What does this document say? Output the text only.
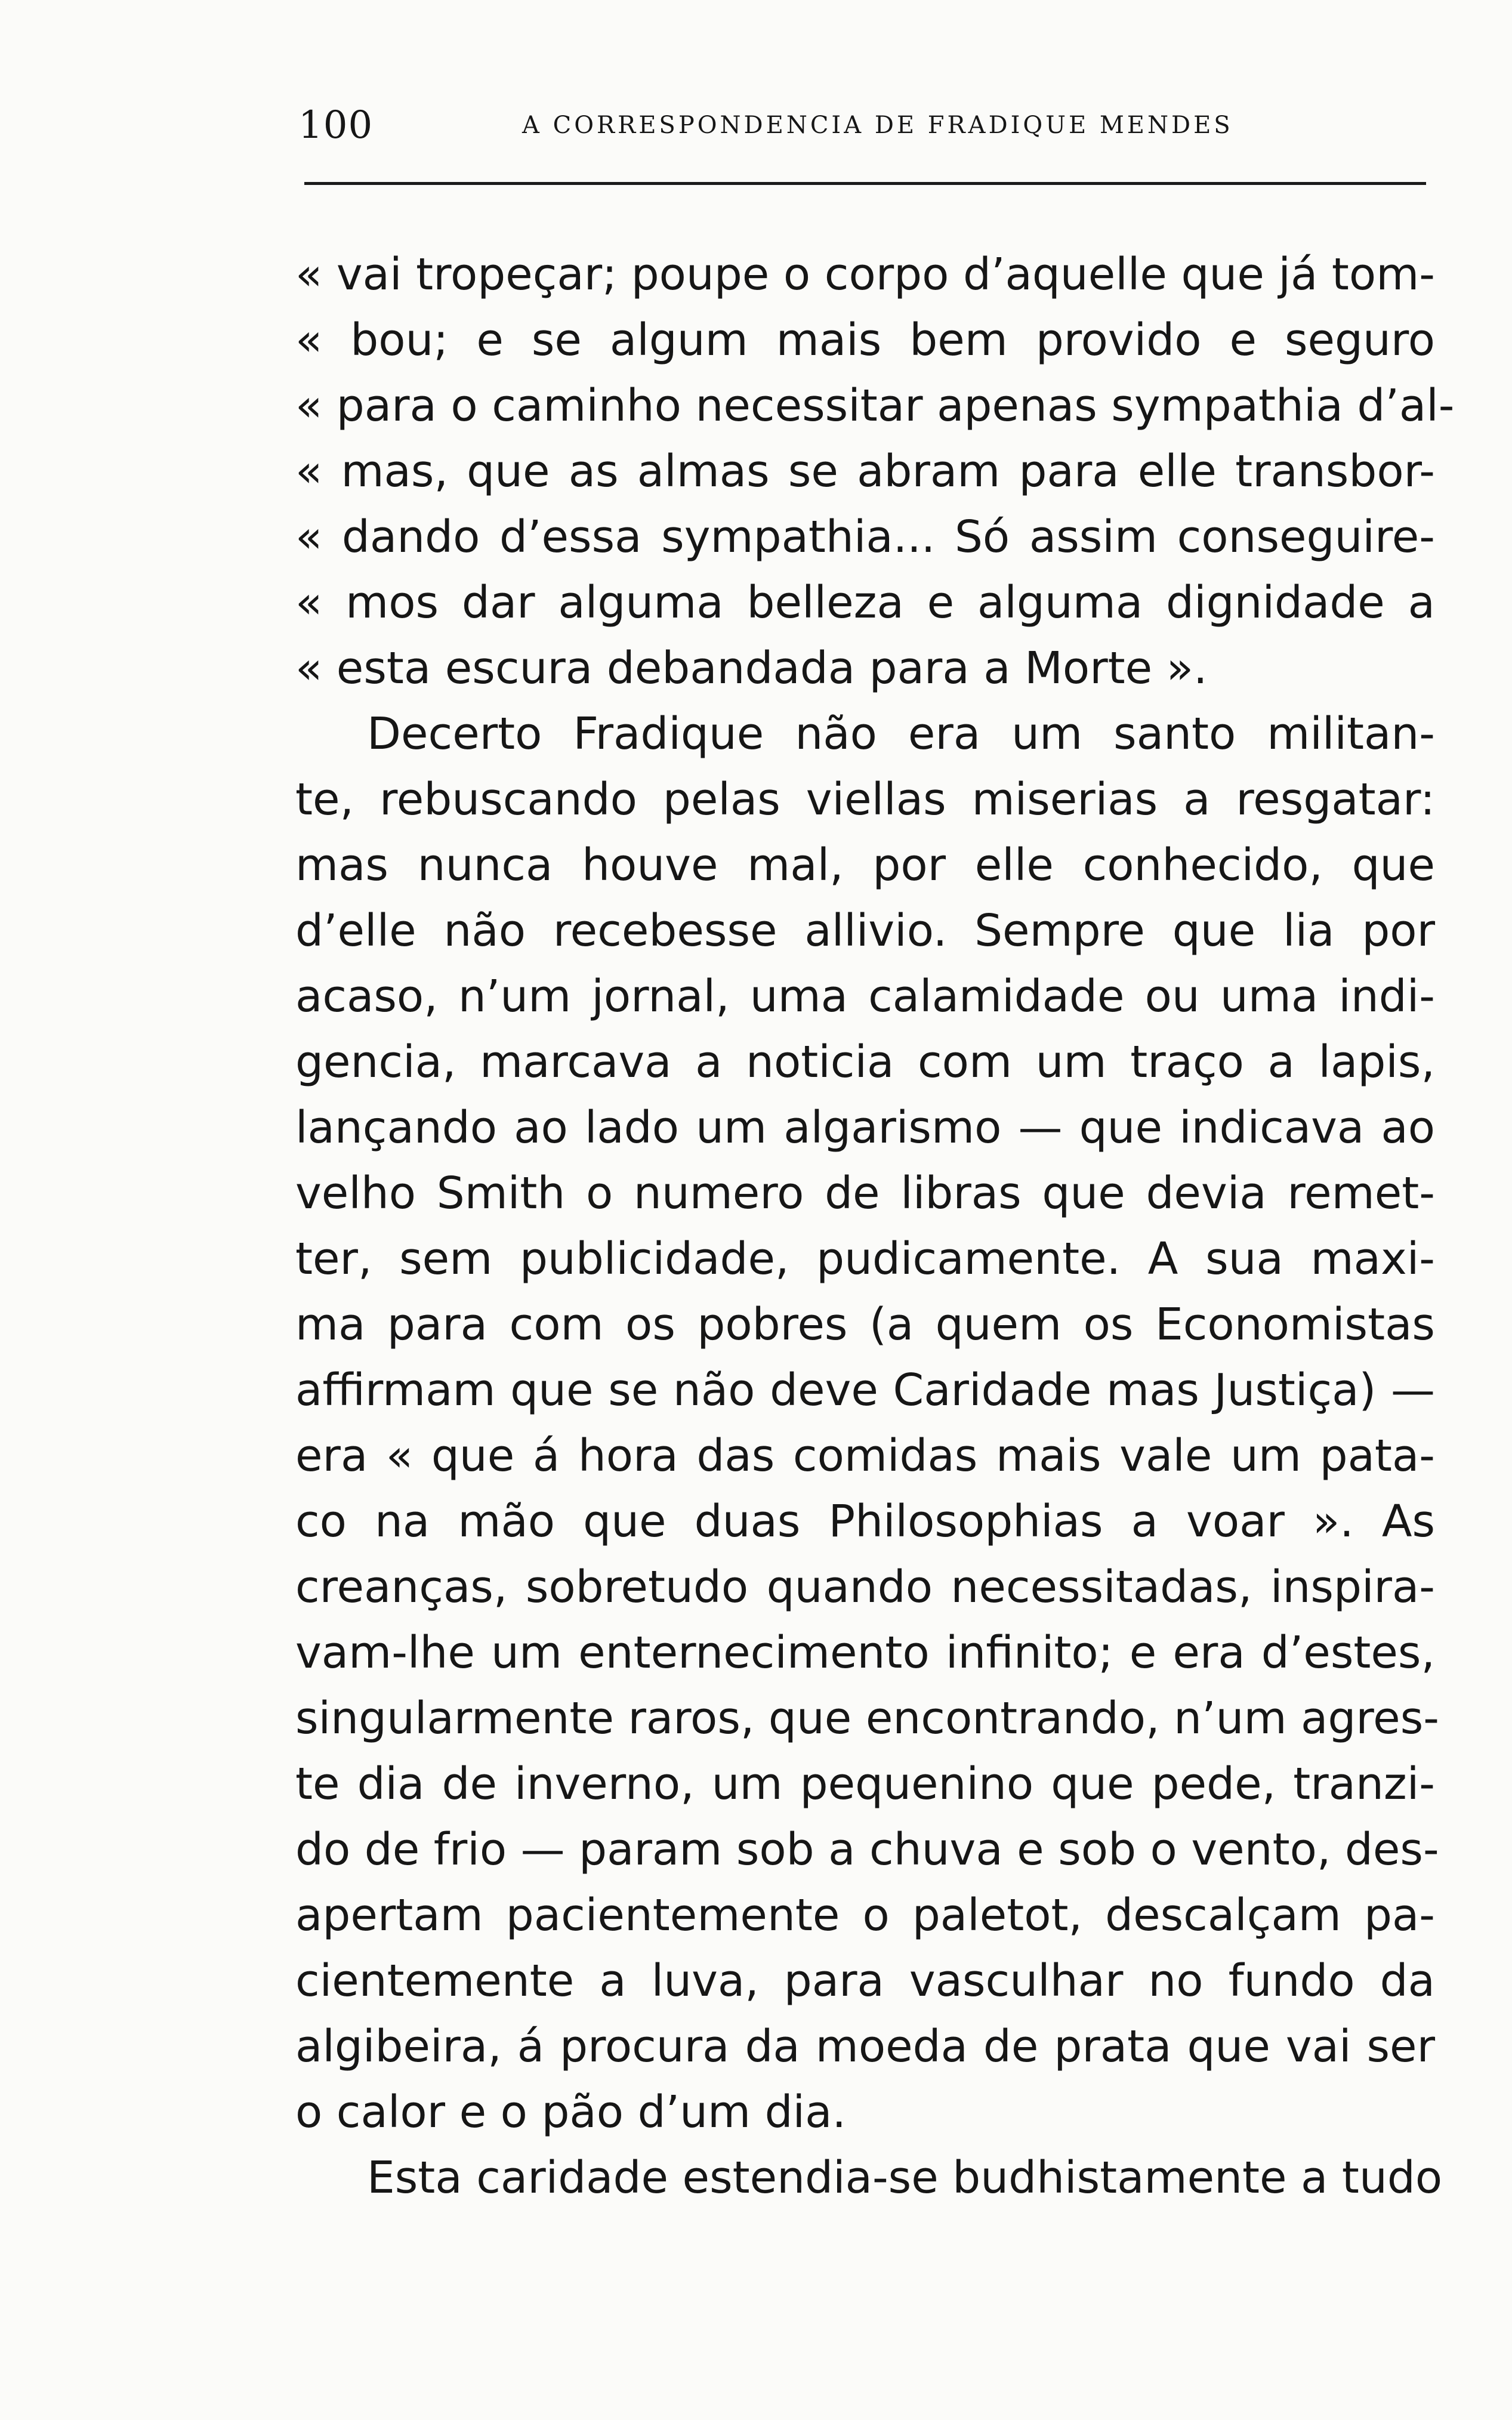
100	A CORRESPONDENCIA DE FRADIQUE MENDES
« vai tropeçar; poupe o corpo d’aquelle que já tom-
« bou; e se algum mais bem provido e seguro
« para o caminho necessitar apenas sympathia d’al-
« mas, que as almas se abram para elle transbor-
« dando d’essa sympathia... Só assim conseguire-
« mos dar alguma belleza e alguma dignidade a
« esta escura debandada para a Morte ».
Decerto Fradique não era um santo militan-
te, rebuscando pelas viellas miserias a resgatar:
mas nunca houve mal, por elle conhecido, que
d’elle não recebesse allivio. Sempre que lia por
acaso, n’um jornal, uma calamidade ou uma indi-
gencia, marcava a noticia com um traço a lapis,
lançando ao lado um algarismo — que indicava ao
velho Smith o numero de libras que devia remet-
ter, sem publicidade, pudicamente. A sua maxi-
ma para com os pobres (a quem os Economistas
affirmam que se não deve Caridade mas Justiça) —
era « que á hora das comidas mais vale um pata-
co na mão que duas Philosophias a voar ». As
creanças, sobretudo quando necessitadas, inspira-
vam-lhe um enternecimento infinito; e era d’estes,
singularmente raros, que encontrando, n’um agres-
te dia de inverno, um pequenino que pede, tranzi-
do de frio — param sob a chuva e sob o vento, des-
apertam pacientemente o paletot, descalçam pa-
cientemente a luva, para vasculhar no fundo da
algibeira, á procura da moeda de prata que vai ser
o calor e o pão d’um dia.
Esta caridade estendia-se budhistamente a tudo
